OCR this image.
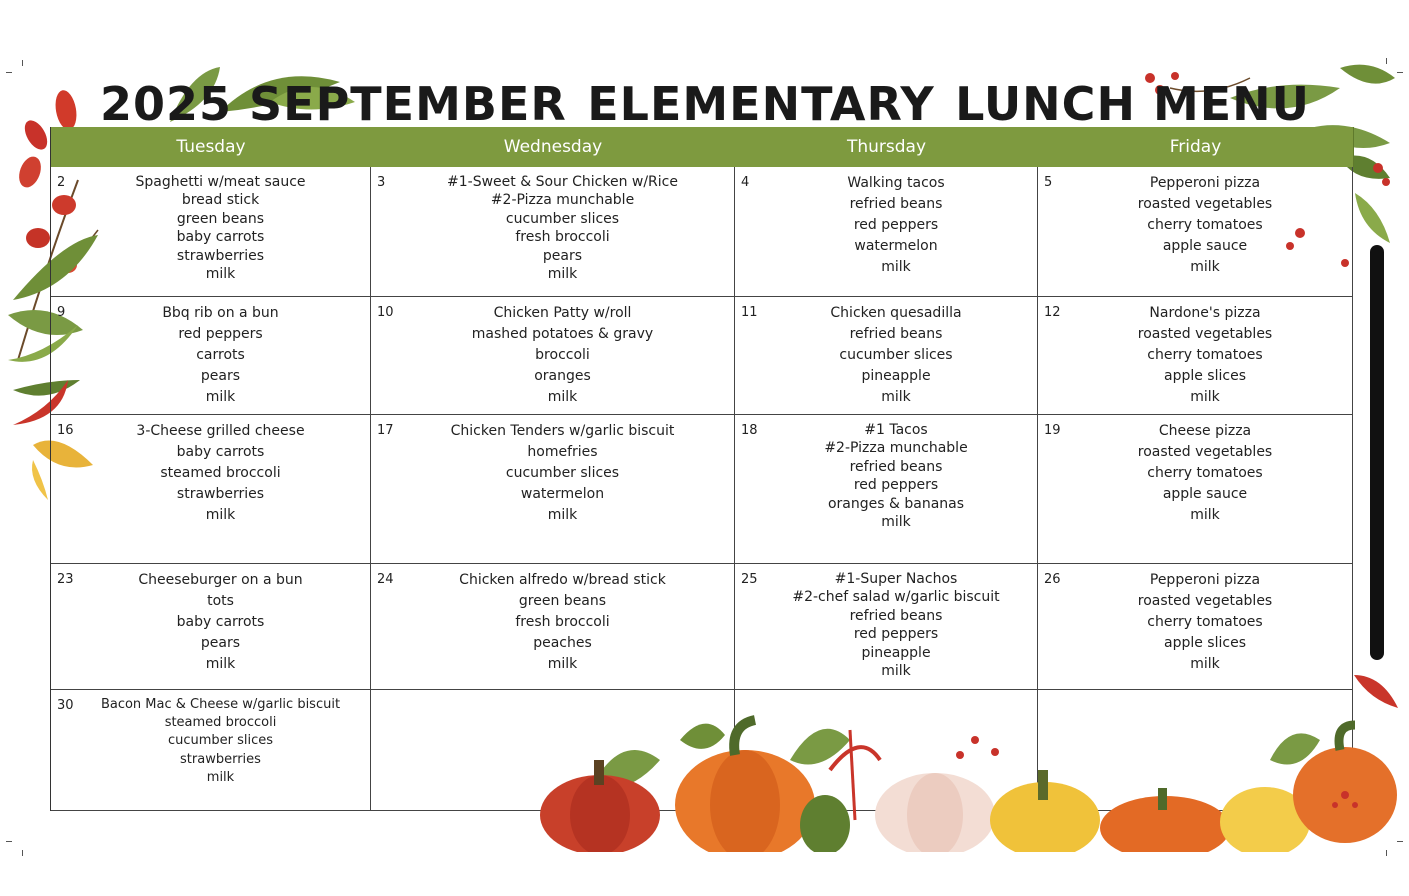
2025 SEPTEMBER ELEMENTARY LUNCH MENU
Tuesday	Wednesday	Thursday	Friday
2	Spaghetti w/meat sauce
bread stick
green beans
baby carrots
strawberries
milk
3	#1-Sweet & Sour Chicken w/Rice
#2-Pizza munchable
cucumber slices
fresh broccoli
pears
milk
4	Walking tacos
refried beans
red peppers
watermelon
milk
5	Pepperoni pizza
roasted vegetables
cherry tomatoes
apple sauce
milk
9	Bbq rib on a bun
red peppers
carrots
pears
milk
10	Chicken Patty w/roll
mashed potatoes & gravy
broccoli
oranges
milk
11	Chicken quesadilla
refried beans
cucumber slices
pineapple
milk
12	Nardone's pizza
roasted vegetables
cherry tomatoes
apple slices
milk
16	3-Cheese grilled cheese
baby carrots
steamed broccoli
strawberries
milk
17	Chicken Tenders w/garlic biscuit
homefries
cucumber slices
watermelon
milk
18	#1 Tacos
#2-Pizza munchable
refried beans
red peppers
oranges & bananas
milk
19	Cheese pizza
roasted vegetables
cherry tomatoes
apple sauce
milk
23	Cheeseburger on a bun
tots
baby carrots
pears
milk
24	Chicken alfredo w/bread stick
green beans
fresh broccoli
peaches
milk
25	#1-Super Nachos
#2-chef salad w/garlic biscuit
refried beans
red peppers
pineapple
milk
26	Pepperoni pizza
roasted vegetables
cherry tomatoes
apple slices
milk
30	Bacon Mac & Cheese w/garlic biscuit
steamed broccoli
cucumber slices
strawberries
milk
